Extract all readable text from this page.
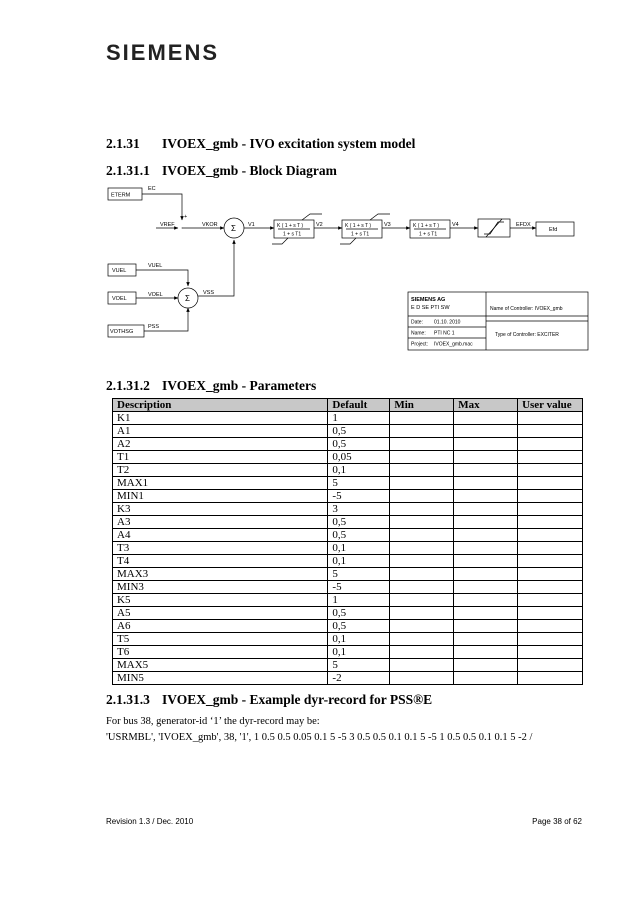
SIEMENS
2.1.31 IVOEX_gmb - IVO excitation system model
2.1.31.1 IVOEX_gmb - Block Diagram
ETERM
EC
VREF
+
VKOR Σ V1	K ( 1 + s T )
1 + s T1
V2	K ( 1 + s T )
1 + s T1
V3	K ( 1 + s T )
1 + s T1
V4	EFDX
Efd
VUEL
VUEL
VOEL
VOEL	Σ
VSS
VOTHSG
PSS
SIEMENS AG
E D SE PTI SW
Date: 01.10. 2010
Name: PTI NC 1
Project: IVOEX_gmb.mac
Name of Controller: IVOEX_gmb
Type of Controller: EXCITER
2.1.31.2 IVOEX_gmb - Parameters
Description	Default	Min	Max	User value
K1	1			
A1	0,5			
A2	0,5			
T1	0,05			
T2	0,1			
MAX1	5			
MIN1	-5			
K3	3			
A3	0,5			
A4	0,5			
T3	0,1			
T4	0,1			
MAX3	5			
MIN3	-5			
K5	1			
A5	0,5			
A6	0,5			
T5	0,1			
T6	0,1			
MAX5	5			
MIN5	-2			
2.1.31.3 IVOEX_gmb - Example dyr-record for PSS®E
For bus 38, generator-id ‘1’ the dyr-record may be:
'USRMBL', 'IVOEX_gmb', 38, '1', 1 0.5 0.5 0.05 0.1 5 -5 3 0.5 0.5 0.1 0.1 5 -5 1 0.5 0.5 0.1 0.1 5 -2 /
Revision 1.3 / Dec. 2010	Page 38 of 62
